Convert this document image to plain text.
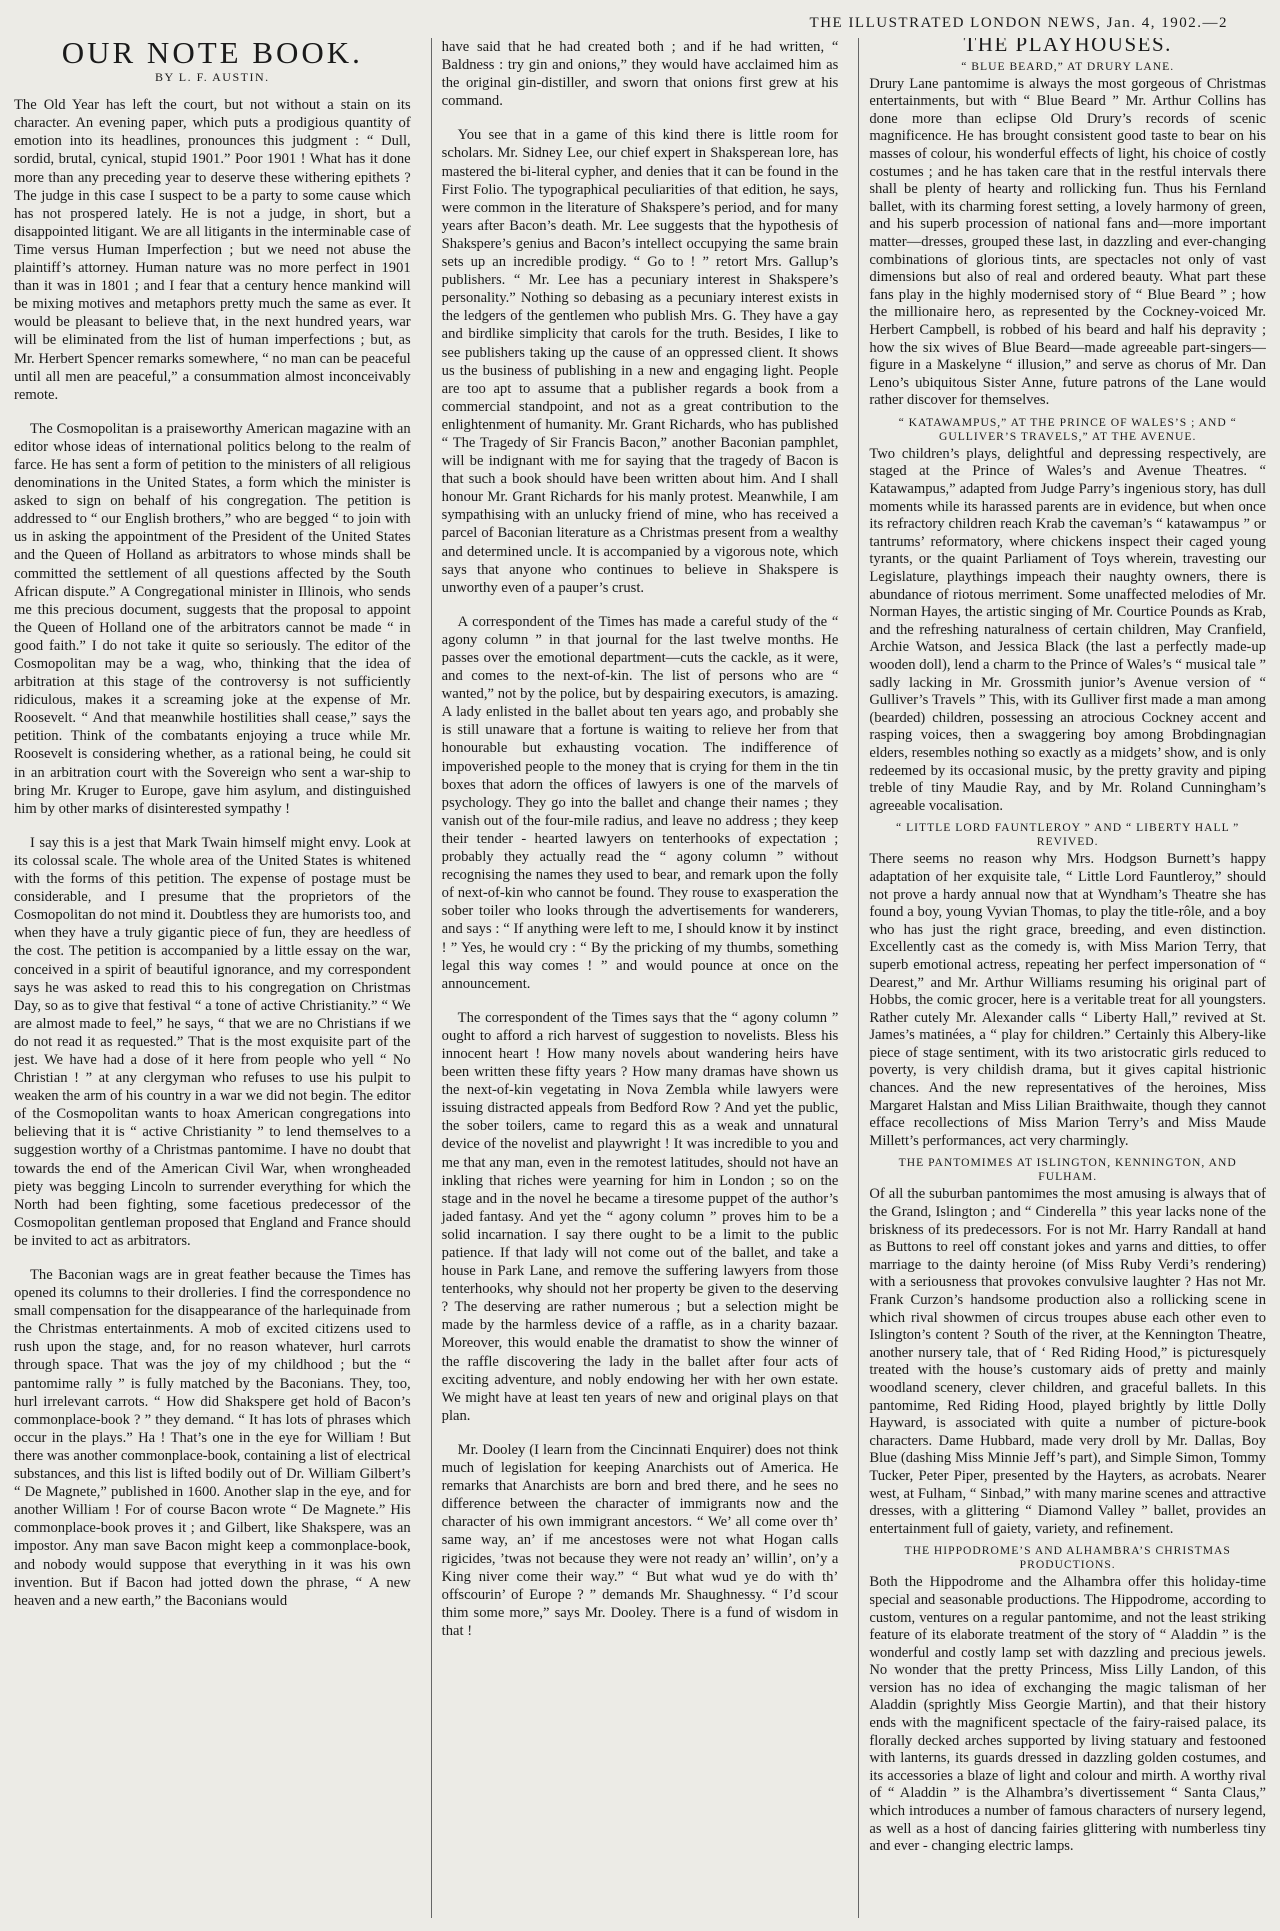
THE ILLUSTRATED LONDON NEWS, Jan. 4, 1902.—2
OUR NOTE BOOK.
BY L. F. AUSTIN.

The Old Year has left the court, but not without a stain on its character. An evening paper, which puts a prodigious quantity of emotion into its headlines, pronounces this judgment : “ Dull, sordid, brutal, cynical, stupid 1901.” Poor 1901 ! What has it done more than any preceding year to deserve these withering epithets ? The judge in this case I suspect to be a party to some cause which has not prospered lately. He is not a judge, in short, but a disappointed litigant. We are all litigants in the interminable case of Time versus Human Imperfection ; but we need not abuse the plaintiff’s attorney. Human nature was no more perfect in 1901 than it was in 1801 ; and I fear that a century hence mankind will be mixing motives and metaphors pretty much the same as ever. It would be pleasant to believe that, in the next hundred years, war will be eliminated from the list of human imperfections ; but, as Mr. Herbert Spencer remarks somewhere, “ no man can be peaceful until all men are peaceful,” a consummation almost inconceivably remote.

The Cosmopolitan is a praiseworthy American magazine with an editor whose ideas of international politics belong to the realm of farce. He has sent a form of petition to the ministers of all religious denominations in the United States, a form which the minister is asked to sign on behalf of his congregation. The petition is addressed to “ our English brothers,” who are begged “ to join with us in asking the appointment of the President of the United States and the Queen of Holland as arbitrators to whose minds shall be committed the settlement of all questions affected by the South African dispute.” A Congregational minister in Illinois, who sends me this precious document, suggests that the proposal to appoint the Queen of Holland one of the arbitrators cannot be made “ in good faith.” I do not take it quite so seriously. The editor of the Cosmopolitan may be a wag, who, thinking that the idea of arbitration at this stage of the controversy is not sufficiently ridiculous, makes it a screaming joke at the expense of Mr. Roosevelt. “ And that meanwhile hostilities shall cease,” says the petition. Think of the combatants enjoying a truce while Mr. Roosevelt is considering whether, as a rational being, he could sit in an arbitration court with the Sovereign who sent a war-ship to bring Mr. Kruger to Europe, gave him asylum, and distinguished him by other marks of disinterested sympathy !

I say this is a jest that Mark Twain himself might envy. Look at its colossal scale. The whole area of the United States is whitened with the forms of this petition. The expense of postage must be considerable, and I presume that the proprietors of the Cosmopolitan do not mind it. Doubtless they are humorists too, and when they have a truly gigantic piece of fun, they are heedless of the cost. The petition is accompanied by a little essay on the war, conceived in a spirit of beautiful ignorance, and my correspondent says he was asked to read this to his congregation on Christmas Day, so as to give that festival “ a tone of active Christianity.” “ We are almost made to feel,” he says, “ that we are no Christians if we do not read it as requested.” That is the most exquisite part of the jest. We have had a dose of it here from people who yell “ No Christian ! ” at any clergyman who refuses to use his pulpit to weaken the arm of his country in a war we did not begin. The editor of the Cosmopolitan wants to hoax American congregations into believing that it is “ active Christianity ” to lend themselves to a suggestion worthy of a Christmas pantomime. I have no doubt that towards the end of the American Civil War, when wrongheaded piety was begging Lincoln to surrender everything for which the North had been fighting, some facetious predecessor of the Cosmopolitan gentleman proposed that England and France should be invited to act as arbitrators.

The Baconian wags are in great feather because the Times has opened its columns to their drolleries. I find the correspondence no small compensation for the disappearance of the harlequinade from the Christmas entertainments. A mob of excited citizens used to rush upon the stage, and, for no reason whatever, hurl carrots through space. That was the joy of my childhood ; but the “ pantomime rally ” is fully matched by the Baconians. They, too, hurl irrelevant carrots. “ How did Shakspere get hold of Bacon’s commonplace-book ? ” they demand. “ It has lots of phrases which occur in the plays.” Ha ! That’s one in the eye for William ! But there was another commonplace-book, containing a list of electrical substances, and this list is lifted bodily out of Dr. William Gilbert’s “ De Magnete,” published in 1600. Another slap in the eye, and for another William ! For of course Bacon wrote “ De Magnete.” His commonplace-book proves it ; and Gilbert, like Shakspere, was an impostor. Any man save Bacon might keep a commonplace-book, and nobody would suppose that everything in it was his own invention. But if Bacon had jotted down the phrase, “ A new heaven and a new earth,” the Baconians would

have said that he had created both ; and if he had written, “ Baldness : try gin and onions,” they would have acclaimed him as the original gin-distiller, and sworn that onions first grew at his command.

You see that in a game of this kind there is little room for scholars. Mr. Sidney Lee, our chief expert in Shaksperean lore, has mastered the bi-literal cypher, and denies that it can be found in the First Folio. The typographical peculiarities of that edition, he says, were common in the literature of Shakspere’s period, and for many years after Bacon’s death. Mr. Lee suggests that the hypothesis of Shakspere’s genius and Bacon’s intellect occupying the same brain sets up an incredible prodigy. “ Go to ! ” retort Mrs. Gallup’s publishers. “ Mr. Lee has a pecuniary interest in Shakspere’s personality.” Nothing so debasing as a pecuniary interest exists in the ledgers of the gentlemen who publish Mrs. G. They have a gay and birdlike simplicity that carols for the truth. Besides, I like to see publishers taking up the cause of an oppressed client. It shows us the business of publishing in a new and engaging light. People are too apt to assume that a publisher regards a book from a commercial standpoint, and not as a great contribution to the enlightenment of humanity. Mr. Grant Richards, who has published “ The Tragedy of Sir Francis Bacon,” another Baconian pamphlet, will be indignant with me for saying that the tragedy of Bacon is that such a book should have been written about him. And I shall honour Mr. Grant Richards for his manly protest. Meanwhile, I am sympathising with an unlucky friend of mine, who has received a parcel of Baconian literature as a Christmas present from a wealthy and determined uncle. It is accompanied by a vigorous note, which says that anyone who continues to believe in Shakspere is unworthy even of a pauper’s crust.

A correspondent of the Times has made a careful study of the “ agony column ” in that journal for the last twelve months. He passes over the emotional department—cuts the cackle, as it were, and comes to the next-of-kin. The list of persons who are “ wanted,” not by the police, but by despairing executors, is amazing. A lady enlisted in the ballet about ten years ago, and probably she is still unaware that a fortune is waiting to relieve her from that honourable but exhausting vocation. The indifference of impoverished people to the money that is crying for them in the tin boxes that adorn the offices of lawyers is one of the marvels of psychology. They go into the ballet and change their names ; they vanish out of the four-mile radius, and leave no address ; they keep their tender - hearted lawyers on tenterhooks of expectation ; probably they actually read the “ agony column ” without recognising the names they used to bear, and remark upon the folly of next-of-kin who cannot be found. They rouse to exasperation the sober toiler who looks through the advertisements for wanderers, and says : “ If anything were left to me, I should know it by instinct ! ” Yes, he would cry : “ By the pricking of my thumbs, something legal this way comes ! ” and would pounce at once on the announcement.

The correspondent of the Times says that the “ agony column ” ought to afford a rich harvest of suggestion to novelists. Bless his innocent heart ! How many novels about wandering heirs have been written these fifty years ? How many dramas have shown us the next-of-kin vegetating in Nova Zembla while lawyers were issuing distracted appeals from Bedford Row ? And yet the public, the sober toilers, came to regard this as a weak and unnatural device of the novelist and playwright ! It was incredible to you and me that any man, even in the remotest latitudes, should not have an inkling that riches were yearning for him in London ; so on the stage and in the novel he became a tiresome puppet of the author’s jaded fantasy. And yet the “ agony column ” proves him to be a solid incarnation. I say there ought to be a limit to the public patience. If that lady will not come out of the ballet, and take a house in Park Lane, and remove the suffering lawyers from those tenterhooks, why should not her property be given to the deserving ? The deserving are rather numerous ; but a selection might be made by the harmless device of a raffle, as in a charity bazaar. Moreover, this would enable the dramatist to show the winner of the raffle discovering the lady in the ballet after four acts of exciting adventure, and nobly endowing her with her own estate. We might have at least ten years of new and original plays on that plan.

Mr. Dooley (I learn from the Cincinnati Enquirer) does not think much of legislation for keeping Anarchists out of America. He remarks that Anarchists are born and bred there, and he sees no difference between the character of immigrants now and the character of his own immigrant ancestors. “ We’ all come over th’ same way, an’ if me ancestoses were not what Hogan calls rigicides, ’twas not because they were not ready an’ willin’, on’y a King niver come their way.” “ But what wud ye do with th’ offscourin’ of Europe ? ” demands Mr. Shaughnessy. “ I’d scour thim some more,” says Mr. Dooley. There is a fund of wisdom in that !

THE PLAYHOUSES.
“ BLUE BEARD,” AT DRURY LANE.

Drury Lane pantomime is always the most gorgeous of Christmas entertainments, but with “ Blue Beard ” Mr. Arthur Collins has done more than eclipse Old Drury’s records of scenic magnificence. He has brought consistent good taste to bear on his masses of colour, his wonderful effects of light, his choice of costly costumes ; and he has taken care that in the restful intervals there shall be plenty of hearty and rollicking fun. Thus his Fernland ballet, with its charming forest setting, a lovely harmony of green, and his superb procession of national fans and—more important matter—dresses, grouped these last, in dazzling and ever-changing combinations of glorious tints, are spectacles not only of vast dimensions but also of real and ordered beauty. What part these fans play in the highly modernised story of “ Blue Beard ” ; how the millionaire hero, as represented by the Cockney-voiced Mr. Herbert Campbell, is robbed of his beard and half his depravity ; how the six wives of Blue Beard—made agreeable part-singers—figure in a Maskelyne “ illusion,” and serve as chorus of Mr. Dan Leno’s ubiquitous Sister Anne, future patrons of the Lane would rather discover for themselves.

“ KATAWAMPUS,” AT THE PRINCE OF WALES’S ; AND “ GULLIVER’S TRAVELS,” AT THE AVENUE.

Two children’s plays, delightful and depressing respectively, are staged at the Prince of Wales’s and Avenue Theatres. “ Katawampus,” adapted from Judge Parry’s ingenious story, has dull moments while its harassed parents are in evidence, but when once its refractory children reach Krab the caveman’s “ katawampus ” or tantrums’ reformatory, where chickens inspect their caged young tyrants, or the quaint Parliament of Toys wherein, travesting our Legislature, playthings impeach their naughty owners, there is abundance of riotous merriment. Some unaffected melodies of Mr. Norman Hayes, the artistic singing of Mr. Courtice Pounds as Krab, and the refreshing naturalness of certain children, May Cranfield, Archie Watson, and Jessica Black (the last a perfectly made-up wooden doll), lend a charm to the Prince of Wales’s “ musical tale ” sadly lacking in Mr. Grossmith junior’s Avenue version of “ Gulliver’s Travels ” This, with its Gulliver first made a man among (bearded) children, possessing an atrocious Cockney accent and rasping voices, then a swaggering boy among Brobdingnagian elders, resembles nothing so exactly as a midgets’ show, and is only redeemed by its occasional music, by the pretty gravity and piping treble of tiny Maudie Ray, and by Mr. Roland Cunningham’s agreeable vocalisation.

“ LITTLE LORD FAUNTLEROY ” AND “ LIBERTY HALL ” REVIVED.

There seems no reason why Mrs. Hodgson Burnett’s happy adaptation of her exquisite tale, “ Little Lord Fauntleroy,” should not prove a hardy annual now that at Wyndham’s Theatre she has found a boy, young Vyvian Thomas, to play the title-rôle, and a boy who has just the right grace, breeding, and even distinction. Excellently cast as the comedy is, with Miss Marion Terry, that superb emotional actress, repeating her perfect impersonation of “ Dearest,” and Mr. Arthur Williams resuming his original part of Hobbs, the comic grocer, here is a veritable treat for all youngsters. Rather cutely Mr. Alexander calls “ Liberty Hall,” revived at St. James’s matinées, a “ play for children.” Certainly this Albery-like piece of stage sentiment, with its two aristocratic girls reduced to poverty, is very childish drama, but it gives capital histrionic chances. And the new representatives of the heroines, Miss Margaret Halstan and Miss Lilian Braithwaite, though they cannot efface recollections of Miss Marion Terry’s and Miss Maude Millett’s performances, act very charmingly.

THE PANTOMIMES AT ISLINGTON, KENNINGTON, AND FULHAM.

Of all the suburban pantomimes the most amusing is always that of the Grand, Islington ; and “ Cinderella ” this year lacks none of the briskness of its predecessors. For is not Mr. Harry Randall at hand as Buttons to reel off constant jokes and yarns and ditties, to offer marriage to the dainty heroine (of Miss Ruby Verdi’s rendering) with a seriousness that provokes convulsive laughter ? Has not Mr. Frank Curzon’s handsome production also a rollicking scene in which rival showmen of circus troupes abuse each other even to Islington’s content ? South of the river, at the Kennington Theatre, another nursery tale, that of ‘ Red Riding Hood,” is picturesquely treated with the house’s customary aids of pretty and mainly woodland scenery, clever children, and graceful ballets. In this pantomime, Red Riding Hood, played brightly by little Dolly Hayward, is associated with quite a number of picture-book characters. Dame Hubbard, made very droll by Mr. Dallas, Boy Blue (dashing Miss Minnie Jeff’s part), and Simple Simon, Tommy Tucker, Peter Piper, presented by the Hayters, as acrobats. Nearer west, at Fulham, “ Sinbad,” with many marine scenes and attractive dresses, with a glittering “ Diamond Valley ” ballet, provides an entertainment full of gaiety, variety, and refinement.

THE HIPPODROME’S AND ALHAMBRA’S CHRISTMAS PRODUCTIONS.

Both the Hippodrome and the Alhambra offer this holiday-time special and seasonable productions. The Hippodrome, according to custom, ventures on a regular pantomime, and not the least striking feature of its elaborate treatment of the story of “ Aladdin ” is the wonderful and costly lamp set with dazzling and precious jewels. No wonder that the pretty Princess, Miss Lilly Landon, of this version has no idea of exchanging the magic talisman of her Aladdin (sprightly Miss Georgie Martin), and that their history ends with the magnificent spectacle of the fairy-raised palace, its florally decked arches supported by living statuary and festooned with lanterns, its guards dressed in dazzling golden costumes, and its accessories a blaze of light and colour and mirth. A worthy rival of “ Aladdin ” is the Alhambra’s divertissement “ Santa Claus,” which introduces a number of famous characters of nursery legend, as well as a host of dancing fairies glittering with numberless tiny and ever - changing electric lamps.
